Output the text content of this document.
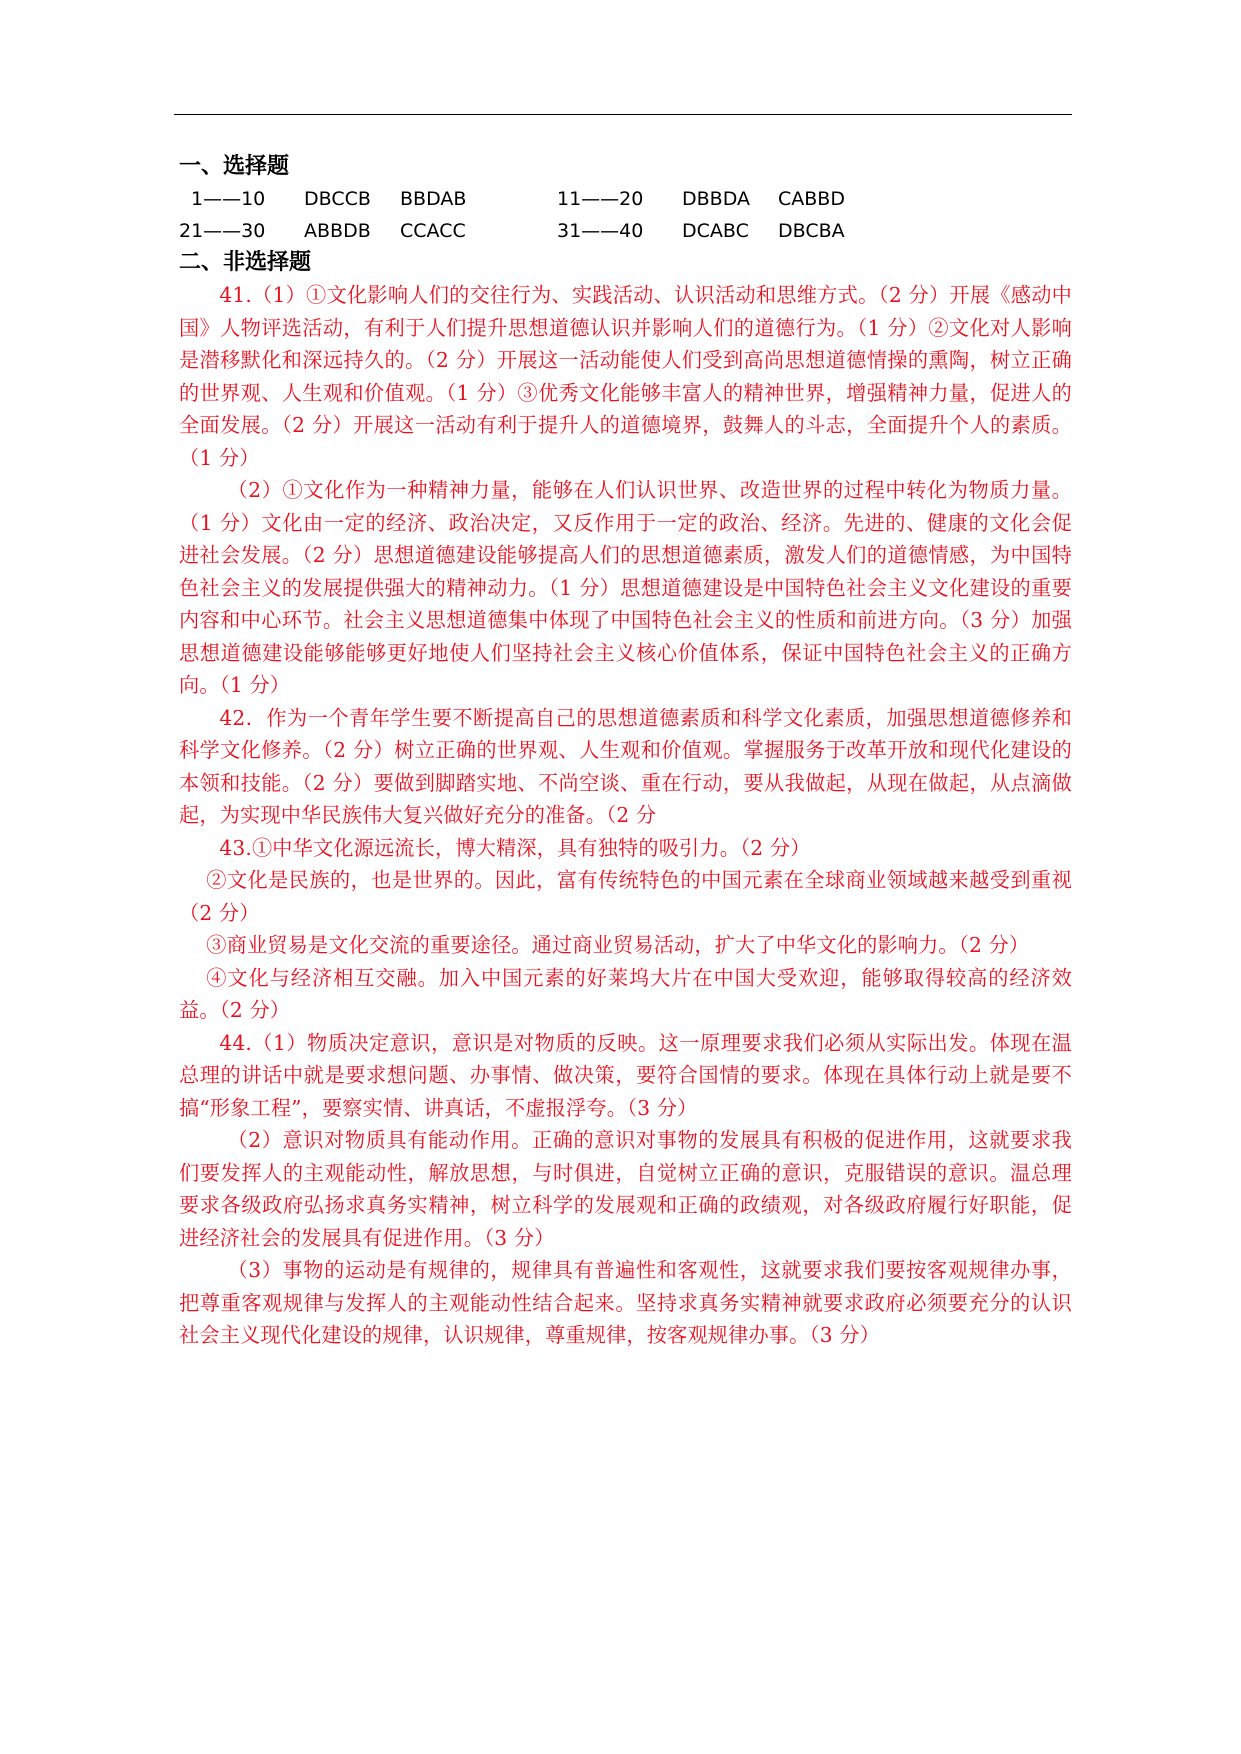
一、选择题
1——10 DBCCB BBDAB	11——20 DBBDA CABBD
21——30 ABBDB CCACC	31——40 DCABC DBCBA
二、非选择题

41.（1）①文化影响人们的交往行为、实践活动、认识活动和思维方式。（2 分）开展《感动中国》人物评选活动，有利于人们提升思想道德认识并影响人们的道德行为。（1 分）②文化对人影响是潜移默化和深远持久的。（2 分）开展这一活动能使人们受到高尚思想道德情操的熏陶，树立正确的世界观、人生观和价值观。（1 分）③优秀文化能够丰富人的精神世界，增强精神力量，促进人的全面发展。（2 分）开展这一活动有利于提升人的道德境界，鼓舞人的斗志，全面提升个人的素质。（1 分）

（2）①文化作为一种精神力量，能够在人们认识世界、改造世界的过程中转化为物质力量。（1 分）文化由一定的经济、政治决定，又反作用于一定的政治、经济。先进的、健康的文化会促进社会发展。（2 分）思想道德建设能够提高人们的思想道德素质，激发人们的道德情感，为中国特色社会主义的发展提供强大的精神动力。（1 分）思想道德建设是中国特色社会主义文化建设的重要内容和中心环节。社会主义思想道德集中体现了中国特色社会主义的性质和前进方向。（3 分）加强思想道德建设能够能够更好地使人们坚持社会主义核心价值体系，保证中国特色社会主义的正确方向。（1 分）

42．作为一个青年学生要不断提高自己的思想道德素质和科学文化素质，加强思想道德修养和科学文化修养。（2 分）树立正确的世界观、人生观和价值观。掌握服务于改革开放和现代化建设的本领和技能。（2 分）要做到脚踏实地、不尚空谈、重在行动，要从我做起，从现在做起，从点滴做起，为实现中华民族伟大复兴做好充分的准备。（2 分

43.①中华文化源远流长，博大精深，具有独特的吸引力。（2 分）

②文化是民族的，也是世界的。因此，富有传统特色的中国元素在全球商业领域越来越受到重视 （2 分）

③商业贸易是文化交流的重要途径。通过商业贸易活动，扩大了中华文化的影响力。（2 分）

④文化与经济相互交融。加入中国元素的好莱坞大片在中国大受欢迎，能够取得较高的经济效益。（2 分）

44.（1）物质决定意识，意识是对物质的反映。这一原理要求我们必须从实际出发。体现在温总理的讲话中就是要求想问题、办事情、做决策，要符合国情的要求。体现在具体行动上就是要不搞“形象工程”，要察实情、讲真话，不虚报浮夸。（3 分）

（2）意识对物质具有能动作用。正确的意识对事物的发展具有积极的促进作用，这就要求我们要发挥人的主观能动性，解放思想，与时俱进，自觉树立正确的意识，克服错误的意识。温总理要求各级政府弘扬求真务实精神，树立科学的发展观和正确的政绩观，对各级政府履行好职能，促进经济社会的发展具有促进作用。（3 分）

（3）事物的运动是有规律的，规律具有普遍性和客观性，这就要求我们要按客观规律办事，把尊重客观规律与发挥人的主观能动性结合起来。坚持求真务实精神就要求政府必须要充分的认识社会主义现代化建设的规律，认识规律，尊重规律，按客观规律办事。（3 分）
